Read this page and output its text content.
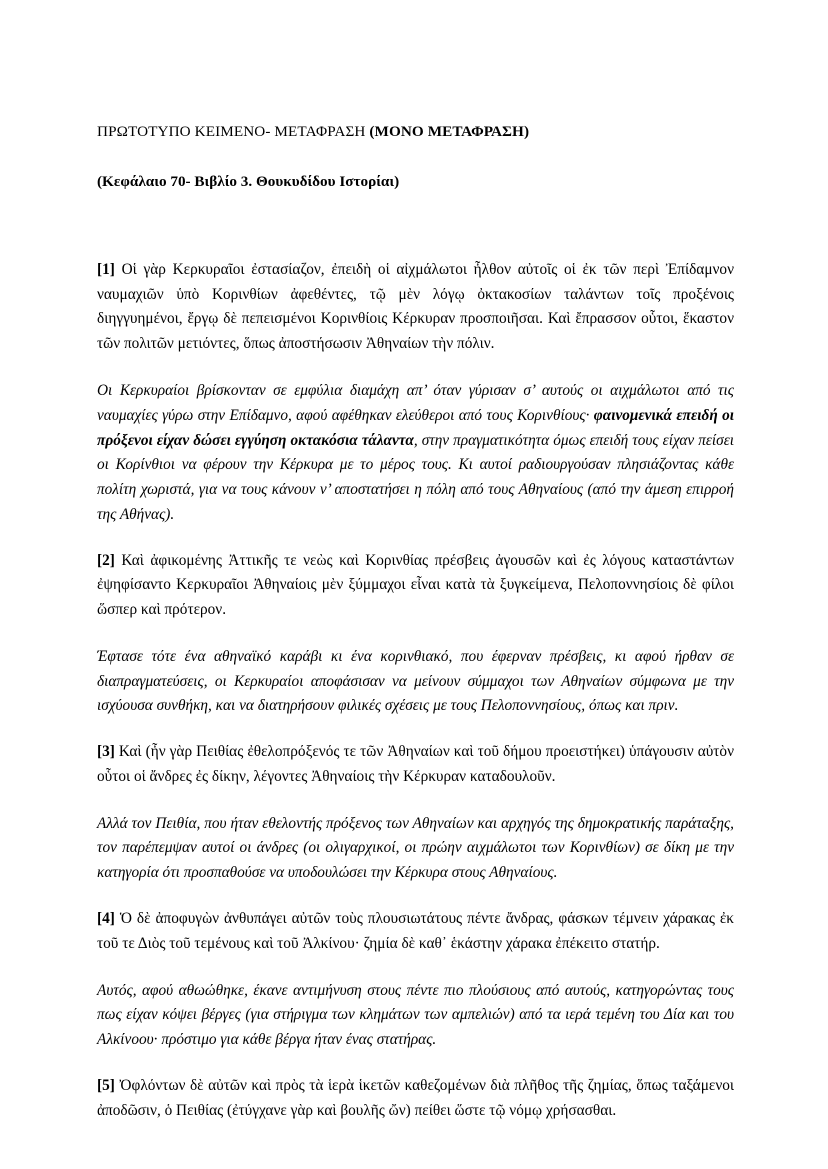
ΠΡΩΤΟΤΥΠΟ ΚΕΙΜΕΝΟ- ΜΕΤΑΦΡΑΣΗ (ΜΟΝΟ ΜΕΤΑΦΡΑΣΗ)

(Κεφάλαιο 70- Βιβλίο 3. Θουκυδίδου Ιστορίαι)

[1] Οἱ γὰρ Κερκυραῖοι ἐστασίαζον, ἐπειδὴ οἱ αἰχμάλωτοι ἦλθον αὐτοῖς οἱ ἐκ τῶν περὶ Ἐπίδαμνον ναυμαχιῶν ὑπὸ Κορινθίων ἀφεθέντες, τῷ μὲν λόγῳ ὀκτακοσίων ταλάντων τοῖς προξένοις διηγγυημένοι, ἔργῳ δὲ πεπεισμένοι Κορινθίοις Κέρκυραν προσποιῆσαι. Καὶ ἔπρασσον οὗτοι, ἕκαστον τῶν πολιτῶν μετιόντες, ὅπως ἀποστήσωσιν Ἀθηναίων τὴν πόλιν.

Οι Κερκυραίοι βρίσκονταν σε εμφύλια διαμάχη απ’ όταν γύρισαν σ’ αυτούς οι αιχμάλωτοι από τις ναυμαχίες γύρω στην Επίδαμνο, αφού αφέθηκαν ελεύθεροι από τους Κορινθίους· φαινομενικά επειδή οι πρόξενοι είχαν δώσει εγγύηση οκτακόσια τάλαντα, στην πραγματικότητα όμως επειδή τους είχαν πείσει οι Κορίνθιοι να φέρουν την Κέρκυρα με το μέρος τους. Κι αυτοί ραδιουργούσαν πλησιάζοντας κάθε πολίτη χωριστά, για να τους κάνουν ν’ αποστατήσει η πόλη από τους Αθηναίους (από την άμεση επιρροή της Αθήνας).

[2] Καὶ ἀφικομένης Ἀττικῆς τε νεὼς καὶ Κορινθίας πρέσβεις ἀγουσῶν καὶ ἐς λόγους καταστάντων ἐψηφίσαντο Κερκυραῖοι Ἀθηναίοις μὲν ξύμμαχοι εἶναι κατὰ τὰ ξυγκείμενα, Πελοποννησίοις δὲ φίλοι ὥσπερ καὶ πρότερον.

Έφτασε τότε ένα αθηναϊκό καράβι κι ένα κορινθιακό, που έφερναν πρέσβεις, κι αφού ήρθαν σε διαπραγματεύσεις, οι Κερκυραίοι αποφάσισαν να μείνουν σύμμαχοι των Αθηναίων σύμφωνα με την ισχύουσα συνθήκη, και να διατηρήσουν φιλικές σχέσεις με τους Πελοποννησίους, όπως και πριν.

[3] Καὶ (ἦν γὰρ Πειθίας ἐθελοπρόξενός τε τῶν Ἀθηναίων καὶ τοῦ δήμου προειστήκει) ὑπάγουσιν αὐτὸν οὗτοι οἱ ἄνδρες ἐς δίκην, λέγοντες Ἀθηναίοις τὴν Κέρκυραν καταδουλοῦν.

Αλλά τον Πειθία, που ήταν εθελοντής πρόξενος των Αθηναίων και αρχηγός της δημοκρατικής παράταξης, τον παρέπεμψαν αυτοί οι άνδρες (οι ολιγαρχικοί, οι πρώην αιχμάλωτοι των Κορινθίων) σε δίκη με την κατηγορία ότι προσπαθούσε να υποδουλώσει την Κέρκυρα στους Αθηναίους.

[4] Ὁ δὲ ἀποφυγὼν ἀνθυπάγει αὐτῶν τοὺς πλουσιωτάτους πέντε ἄνδρας, φάσκων τέμνειν χάρακας ἐκ τοῦ τε Διὸς τοῦ τεμένους καὶ τοῦ Ἀλκίνου· ζημία δὲ καθ᾽ ἑκάστην χάρακα ἐπέκειτο στατήρ.

Αυτός, αφού αθωώθηκε, έκανε αντιμήνυση στους πέντε πιο πλούσιους από αυτούς, κατηγορώντας τους πως είχαν κόψει βέργες (για στήριγμα των κλημάτων των αμπελιών) από τα ιερά τεμένη του Δία και του Αλκίνοου· πρόστιμο για κάθε βέργα ήταν ένας στατήρας.

[5] Ὀφλόντων δὲ αὐτῶν καὶ πρὸς τὰ ἱερὰ ἱκετῶν καθεζομένων διὰ πλῆθος τῆς ζημίας, ὅπως ταξάμενοι ἀποδῶσιν, ὁ Πειθίας (ἐτύγχανε γὰρ καὶ βουλῆς ὤν) πείθει ὥστε τῷ νόμῳ χρήσασθαι.
